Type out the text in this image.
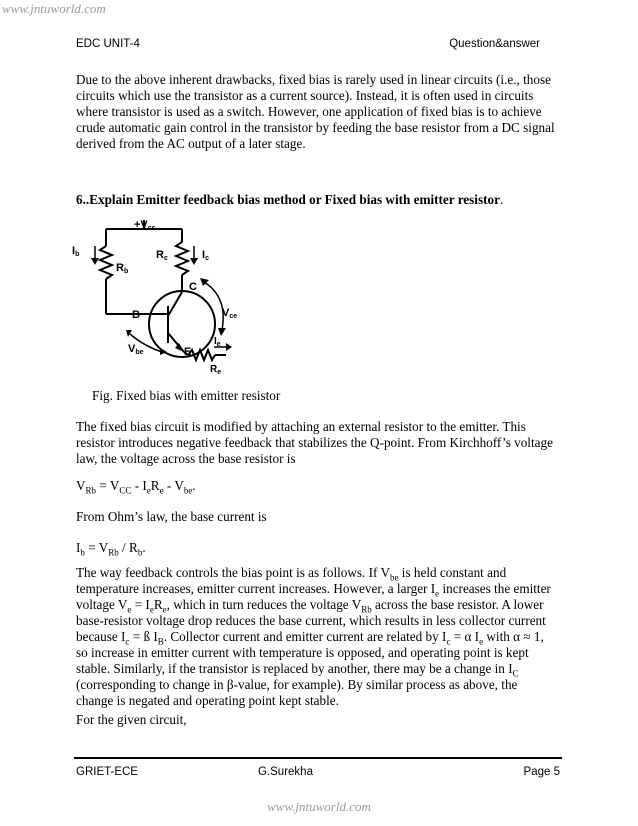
www.jntuworld.com
EDC UNIT-4	Question&answer

Due to the above inherent drawbacks, fixed bias is rarely used in linear circuits (i.e., those circuits which use the transistor as a current source). Instead, it is often used in circuits where transistor is used as a switch. However, one application of fixed bias is to achieve crude automatic gain control in the transistor by feeding the base resistor from a DC signal derived from the AC output of a later stage.

6..Explain Emitter feedback bias method or Fixed bias with emitter resistor.
+Vcc
Ib
Rb
Rc	Ic
C
B
E
Vce
Vbe
$I_e$
$R_e$
Fig. Fixed bias with emitter resistor

The fixed bias circuit is modified by attaching an external resistor to the emitter. This resistor introduces negative feedback that stabilizes the Q-point. From Kirchhoff’s voltage law, the voltage across the base resistor is

$V_{Rb} = V_{CC} - I_eR_e - V_{be}$.
From Ohm’s law, the base current is
$I_b = V_{Rb} / R_b$.

The way feedback controls the bias point is as follows. If $V_{be}$ is held constant and temperature increases, emitter current increases. However, a larger $I_e$ increases the emitter voltage $V_e = I_eR_e$, which in turn reduces the voltage $V_{Rb}$ across the base resistor. A lower base-resistor voltage drop reduces the base current, which results in less collector current because $I_c$ = ß $I_B$. Collector current and emitter current are related by $I_c = \alpha$ $I_e$ with α ≈ 1, so increase in emitter current with temperature is opposed, and operating point is kept stable. Similarly, if the transistor is replaced by another, there may be a change in $I_C$ (corresponding to change in β-value, for example). By similar process as above, the change is negated and operating point kept stable.

For the given circuit,
GRIET-ECE	G.Surekha	Page 5
www.jntuworld.com
